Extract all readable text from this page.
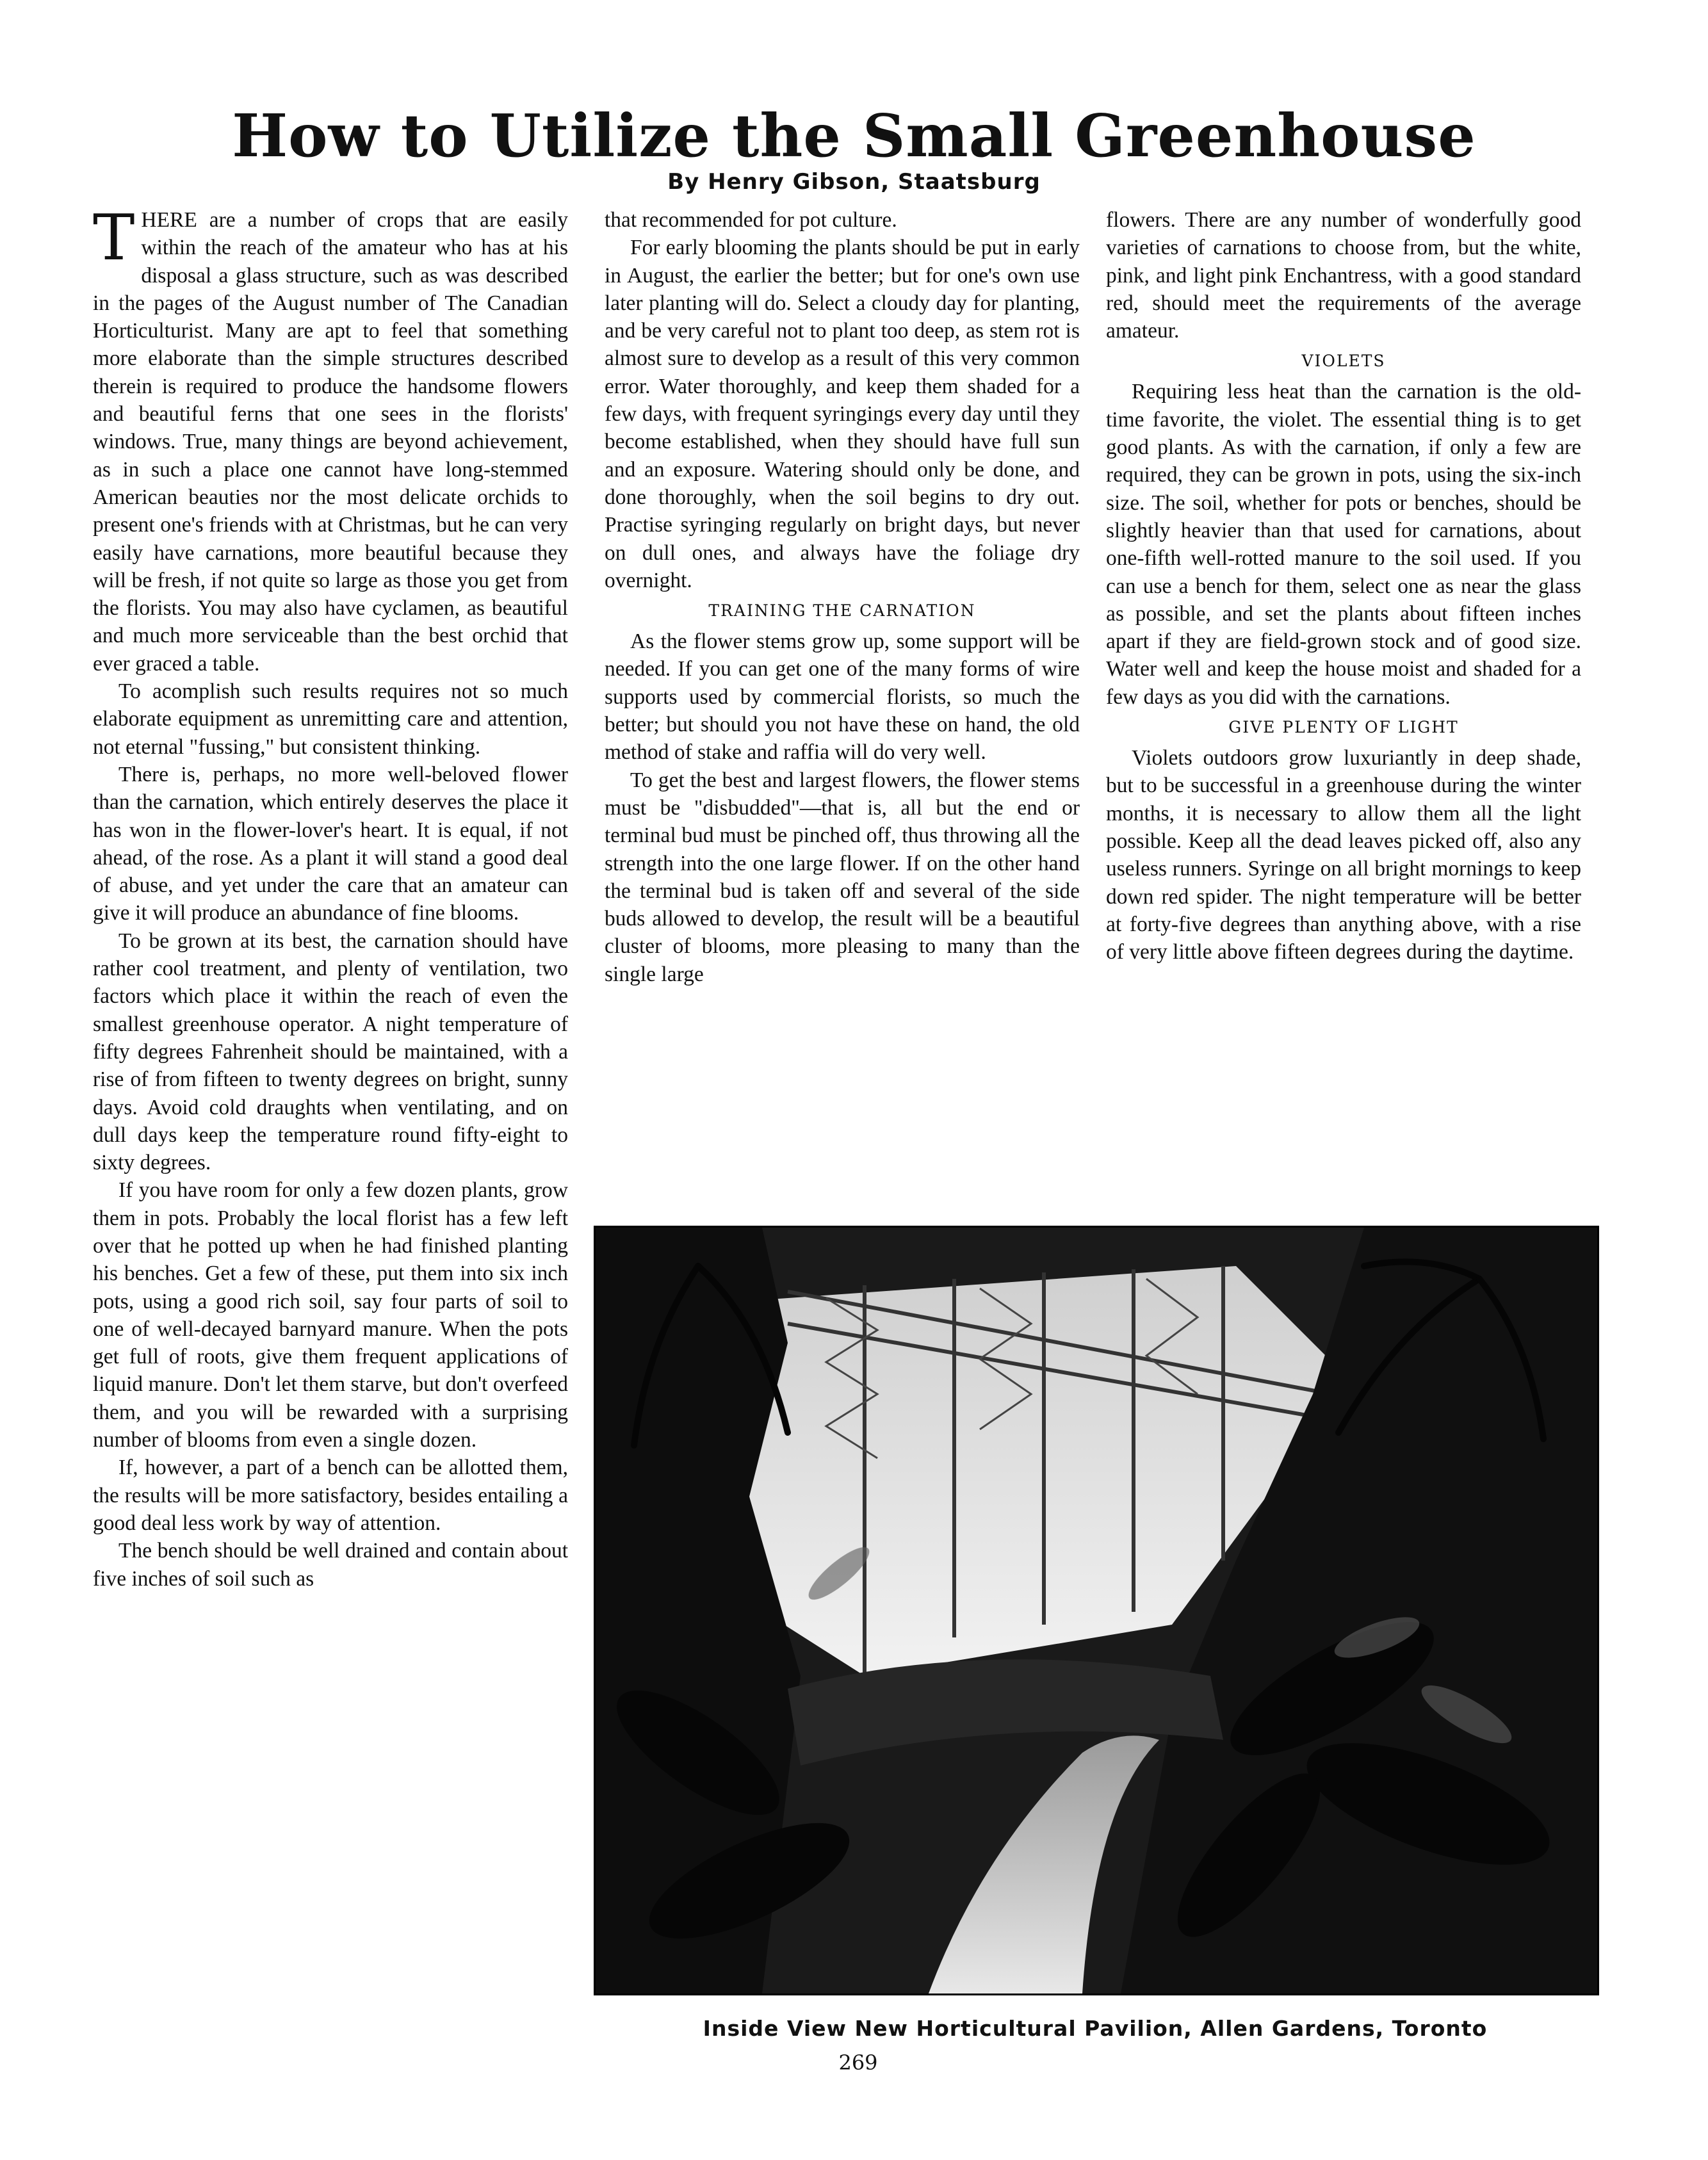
How to Utilize the Small Greenhouse
By Henry Gibson, Staatsburg

THERE are a number of crops that are easily within the reach of the amateur who has at his disposal a glass structure, such as was described in the pages of the August number of The Canadian Horticulturist. Many are apt to feel that something more elaborate than the simple structures described therein is required to produce the handsome flowers and beautiful ferns that one sees in the florists' windows. True, many things are beyond achievement, as in such a place one cannot have long-stemmed American beauties nor the most delicate orchids to present one's friends with at Christmas, but he can very easily have carnations, more beautiful because they will be fresh, if not quite so large as those you get from the florists. You may also have cyclamen, as beautiful and much more serviceable than the best orchid that ever graced a table.

To acomplish such results requires not so much elaborate equipment as unremitting care and attention, not eternal "fussing," but consistent thinking.

There is, perhaps, no more well-beloved flower than the carnation, which entirely deserves the place it has won in the flower-lover's heart. It is equal, if not ahead, of the rose. As a plant it will stand a good deal of abuse, and yet under the care that an amateur can give it will produce an abundance of fine blooms.

To be grown at its best, the carnation should have rather cool treatment, and plenty of ventilation, two factors which place it within the reach of even the smallest greenhouse operator. A night temperature of fifty degrees Fahrenheit should be maintained, with a rise of from fifteen to twenty degrees on bright, sunny days. Avoid cold draughts when ventilating, and on dull days keep the temperature round fifty-eight to sixty degrees.

If you have room for only a few dozen plants, grow them in pots. Probably the local florist has a few left over that he potted up when he had finished planting his benches. Get a few of these, put them into six inch pots, using a good rich soil, say four parts of soil to one of well-decayed barnyard manure. When the pots get full of roots, give them frequent applications of liquid manure. Don't let them starve, but don't overfeed them, and you will be rewarded with a surprising number of blooms from even a single dozen.

If, however, a part of a bench can be allotted them, the results will be more satisfactory, besides entailing a good deal less work by way of attention.

The bench should be well drained and contain about five inches of soil such as

that recommended for pot culture.

For early blooming the plants should be put in early in August, the earlier the better; but for one's own use later planting will do. Select a cloudy day for planting, and be very careful not to plant too deep, as stem rot is almost sure to develop as a result of this very common error. Water thoroughly, and keep them shaded for a few days, with frequent syringings every day until they become established, when they should have full sun and an exposure. Watering should only be done, and done thoroughly, when the soil begins to dry out. Practise syringing regularly on bright days, but never on dull ones, and always have the foliage dry overnight.

TRAINING THE CARNATION

As the flower stems grow up, some support will be needed. If you can get one of the many forms of wire supports used by commercial florists, so much the better; but should you not have these on hand, the old method of stake and raffia will do very well.

To get the best and largest flowers, the flower stems must be "disbudded"—that is, all but the end or terminal bud must be pinched off, thus throwing all the strength into the one large flower. If on the other hand the terminal bud is taken off and several of the side buds allowed to develop, the result will be a beautiful cluster of blooms, more pleasing to many than the single large

flowers. There are any number of wonderfully good varieties of carnations to choose from, but the white, pink, and light pink Enchantress, with a good standard red, should meet the requirements of the average amateur.

VIOLETS

Requiring less heat than the carnation is the old-time favorite, the violet. The essential thing is to get good plants. As with the carnation, if only a few are required, they can be grown in pots, using the six-inch size. The soil, whether for pots or benches, should be slightly heavier than that used for carnations, about one-fifth well-rotted manure to the soil used. If you can use a bench for them, select one as near the glass as possible, and set the plants about fifteen inches apart if they are field-grown stock and of good size. Water well and keep the house moist and shaded for a few days as you did with the carnations.

GIVE PLENTY OF LIGHT

Violets outdoors grow luxuriantly in deep shade, but to be successful in a greenhouse during the winter months, it is necessary to allow them all the light possible. Keep all the dead leaves picked off, also any useless runners. Syringe on all bright mornings to keep down red spider. The night temperature will be better at forty-five degrees than anything above, with a rise of very little above fifteen degrees during the daytime.

Inside View New Horticultural Pavilion, Allen Gardens, Toronto
269
